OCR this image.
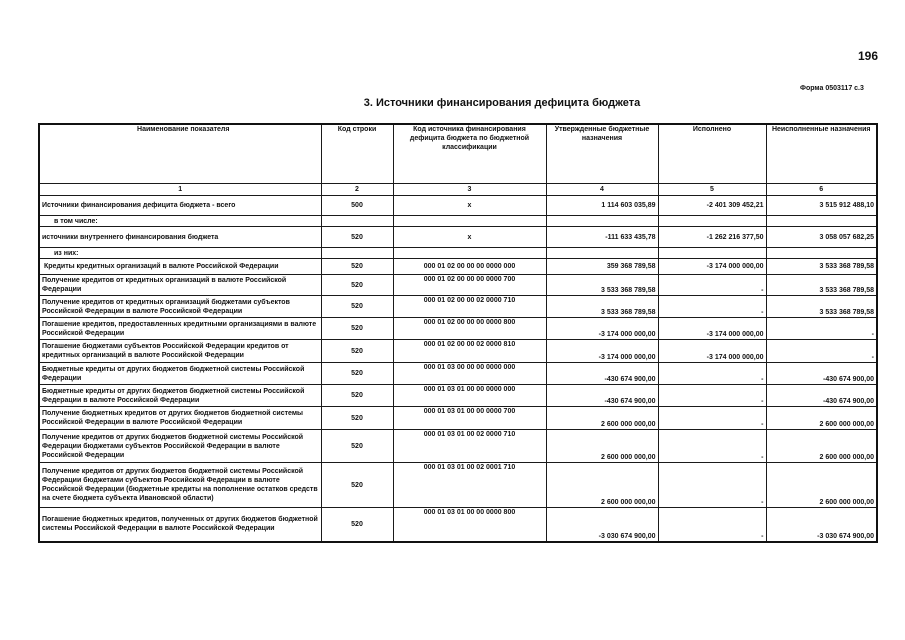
196
Форма 0503117 с.3
3. Источники финансирования дефицита бюджета
Наименование показателя	Код строки	Код источника финансирования дефицита бюджета по бюджетной классификации	Утвержденные бюджетные назначения	Исполнено	Неисполненные назначения
1	2	3	4	5	6
Источники финансирования дефицита бюджета - всего	500	x	1 114 603 035,89	-2 401 309 452,21	3 515 912 488,10
в том числе:					
источники внутреннего финансирования бюджета	520	x	-111 633 435,78	-1 262 216 377,50	3 058 057 682,25
из них:					
Кредиты кредитных организаций в валюте Российской Федерации	520	000 01 02 00 00 00 0000 000	359 368 789,58	-3 174 000 000,00	3 533 368 789,58
Получение кредитов от кредитных организаций в валюте Российской Федерации	520	000 01 02 00 00 00 0000 700	3 533 368 789,58	-	3 533 368 789,58
Получение кредитов от кредитных организаций бюджетами субъектов Российской Федерации в валюте Российской Федерации	520	000 01 02 00 00 02 0000 710	3 533 368 789,58	-	3 533 368 789,58
Погашение кредитов, предоставленных кредитными организациями в валюте Российской Федерации	520	000 01 02 00 00 00 0000 800	-3 174 000 000,00	-3 174 000 000,00	-
Погашение бюджетами субъектов Российской Федерации кредитов от кредитных организаций в валюте Российской Федерации	520	000 01 02 00 00 02 0000 810	-3 174 000 000,00	-3 174 000 000,00	-
Бюджетные кредиты от других бюджетов бюджетной системы Российской Федерации	520	000 01 03 00 00 00 0000 000	-430 674 900,00	-	-430 674 900,00
Бюджетные кредиты от других бюджетов бюджетной системы Российской Федерации в валюте Российской Федерации	520	000 01 03 01 00 00 0000 000	-430 674 900,00	-	-430 674 900,00
Получение бюджетных кредитов от других бюджетов бюджетной системы Российской Федерации в валюте Российской Федерации	520	000 01 03 01 00 00 0000 700	2 600 000 000,00	-	2 600 000 000,00
Получение кредитов от других бюджетов бюджетной системы Российской Федерации бюджетами субъектов Российской Федерации в валюте Российской Федерации	520	000 01 03 01 00 02 0000 710	2 600 000 000,00	-	2 600 000 000,00
Получение кредитов от других бюджетов бюджетной системы Российской Федерации бюджетами субъектов Российской Федерации в валюте Российской Федерации (бюджетные кредиты на пополнение остатков средств на счете бюджета субъекта Ивановской области)	520	000 01 03 01 00 02 0001 710	2 600 000 000,00	-	2 600 000 000,00
Погашение бюджетных кредитов, полученных от других бюджетов бюджетной системы Российской Федерации в валюте Российской Федерации	520	000 01 03 01 00 00 0000 800	-3 030 674 900,00	-	-3 030 674 900,00
